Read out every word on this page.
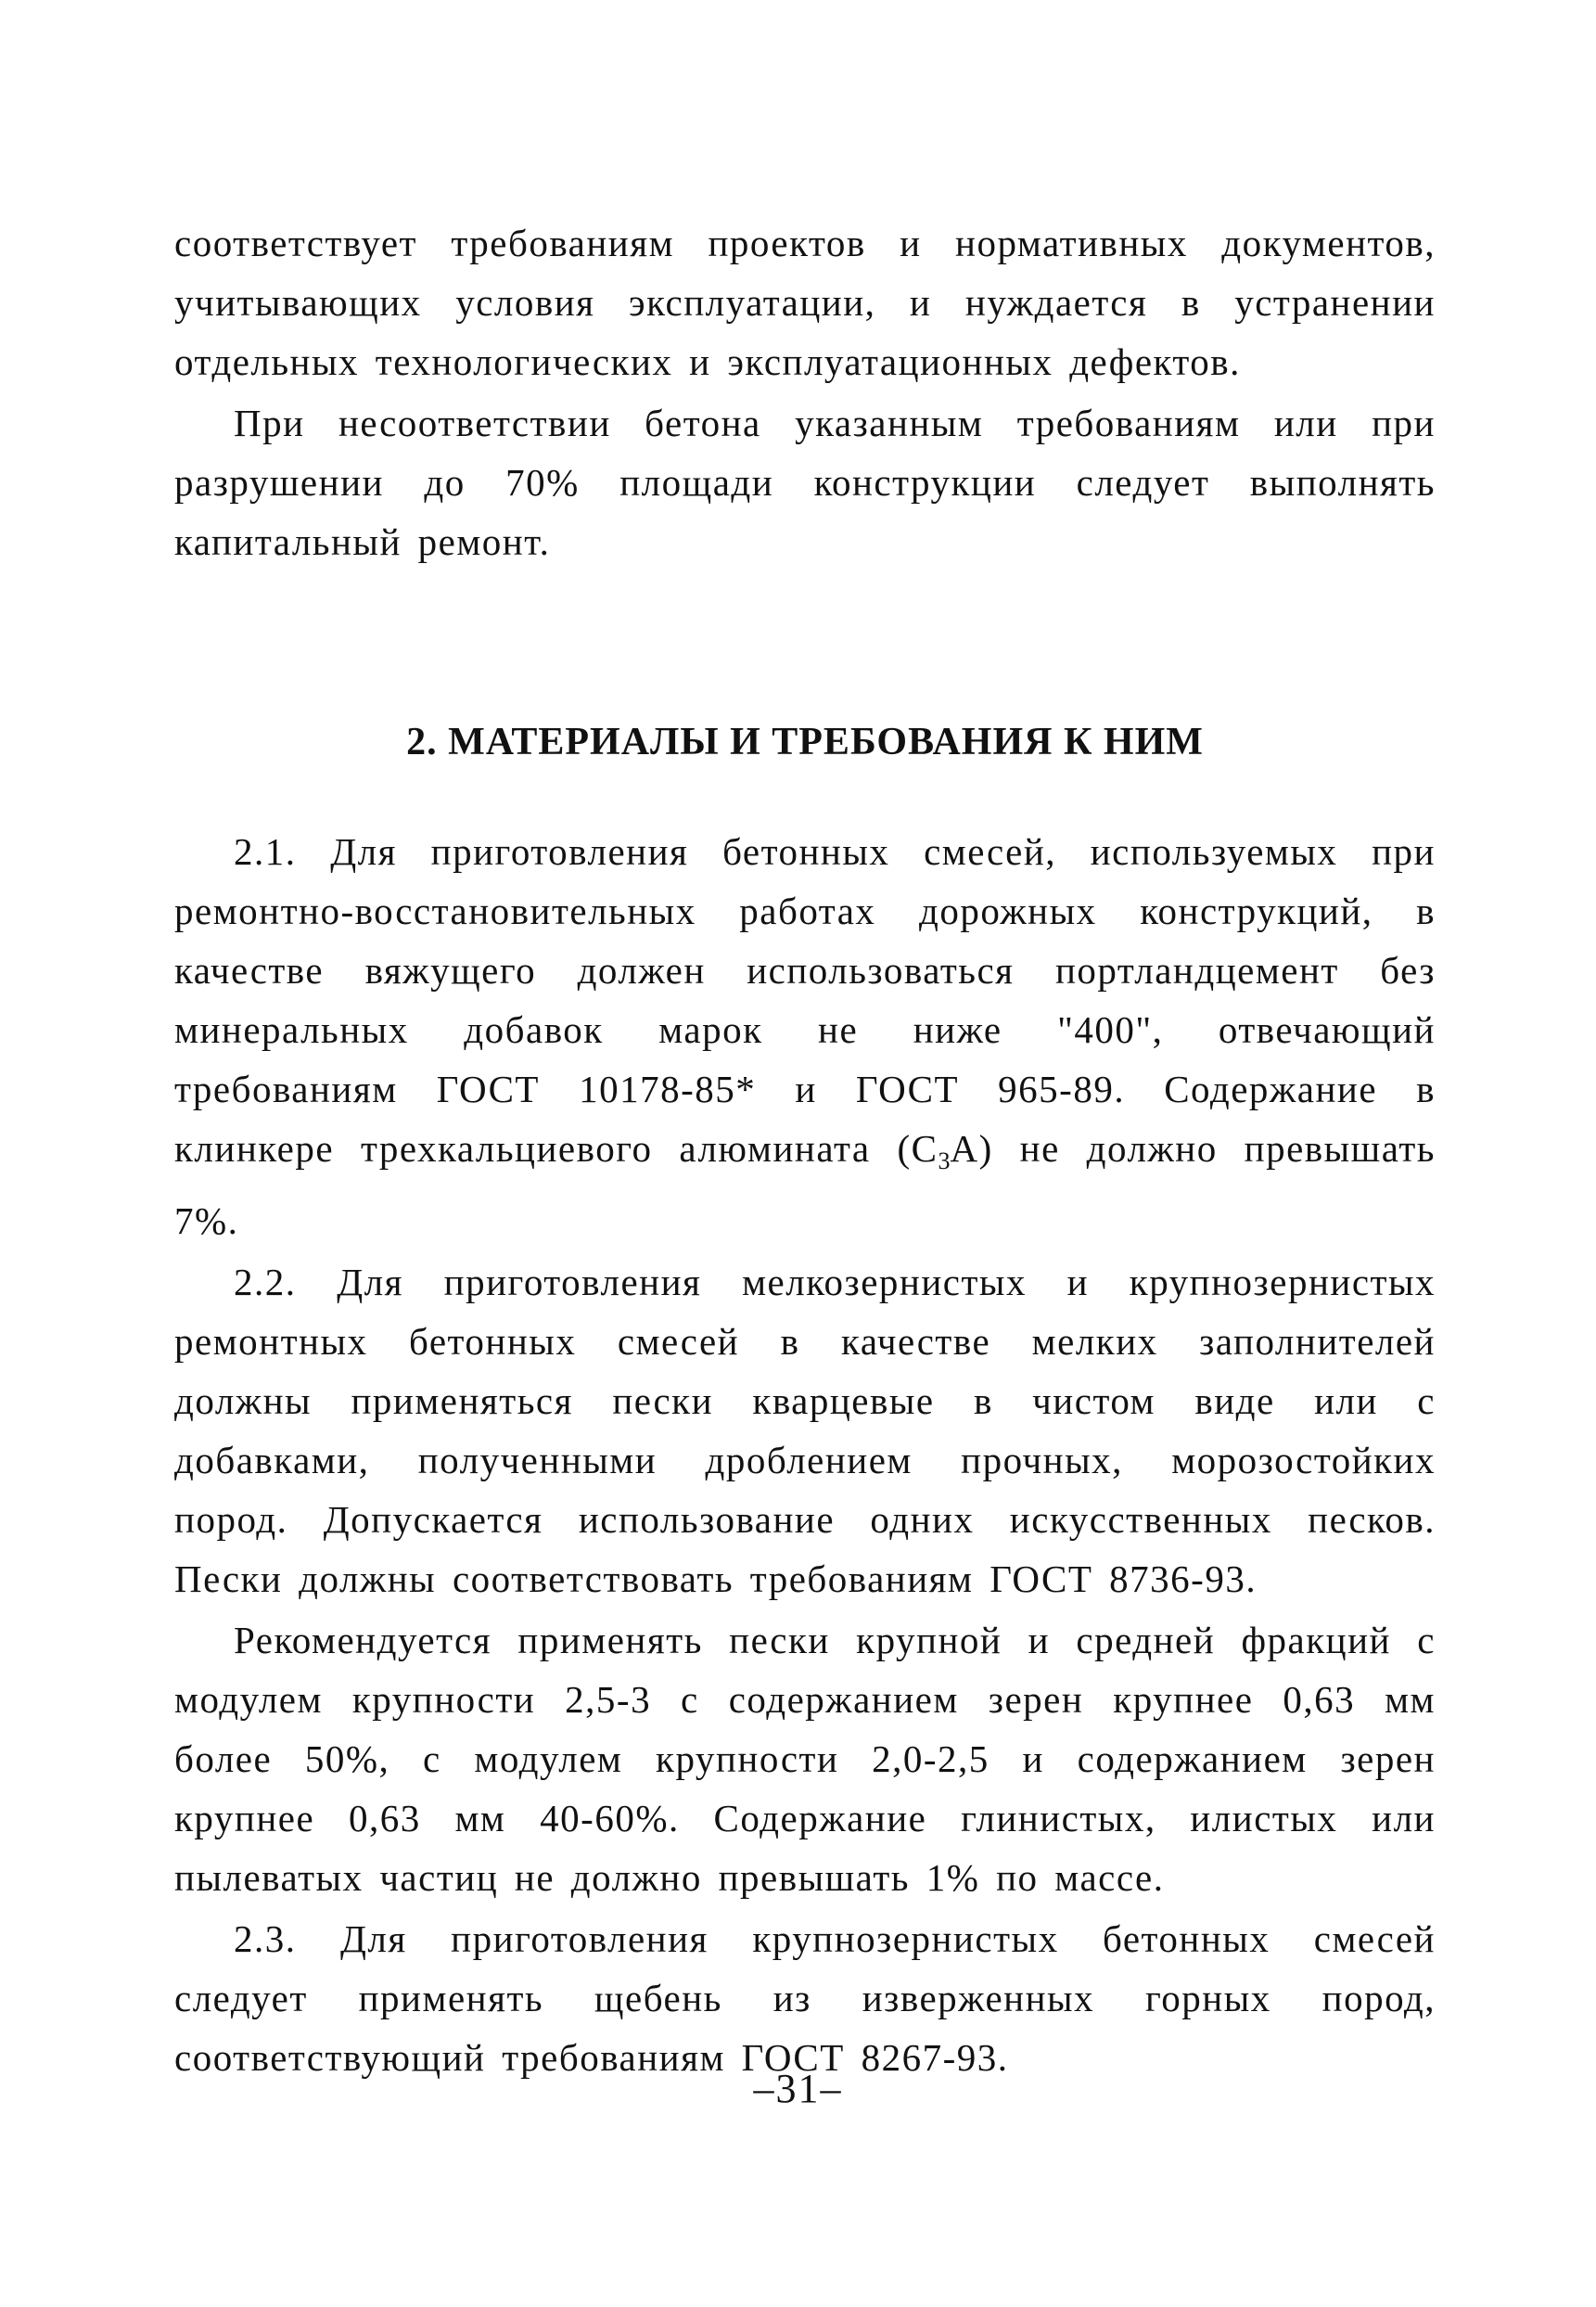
соответствует требованиям проектов и нормативных документов, учитывающих условия эксплуатации, и нуждается в устранении отдельных технологических и эксплуатационных дефектов.

При несоответствии бетона указанным требованиям или при разрушении до 70% площади конструкции следует выполнять капитальный ремонт.

2. МАТЕРИАЛЫ И ТРЕБОВАНИЯ К НИМ

2.1. Для приготовления бетонных смесей, используемых при ремонтно-восстановительных работах дорожных конструкций, в качестве вяжущего должен использоваться портландцемент без минеральных добавок марок не ниже "400", отвечающий требованиям ГОСТ 10178-85* и ГОСТ 965-89. Содержание в клинкере трехкальциевого алюмината $(C_3A)$ не должно превышать 7%.

2.2. Для приготовления мелкозернистых и крупнозернистых ремонтных бетонных смесей в качестве мелких заполнителей должны применяться пески кварцевые в чистом виде или с добавками, полученными дроблением прочных, морозостойких пород. Допускается использование одних искусственных песков. Пески должны соответствовать требованиям ГОСТ 8736-93.

Рекомендуется применять пески крупной и средней фракций с модулем крупности 2,5-3 с содержанием зерен крупнее 0,63 мм более 50%, с модулем крупности 2,0-2,5 и содержанием зерен крупнее 0,63 мм 40-60%. Содержание глинистых, илистых или пылеватых частиц не должно превышать 1% по массе.

2.3. Для приготовления крупнозернистых бетонных смесей следует применять щебень из изверженных горных пород, соответствующий требованиям ГОСТ 8267-93.

–31–
